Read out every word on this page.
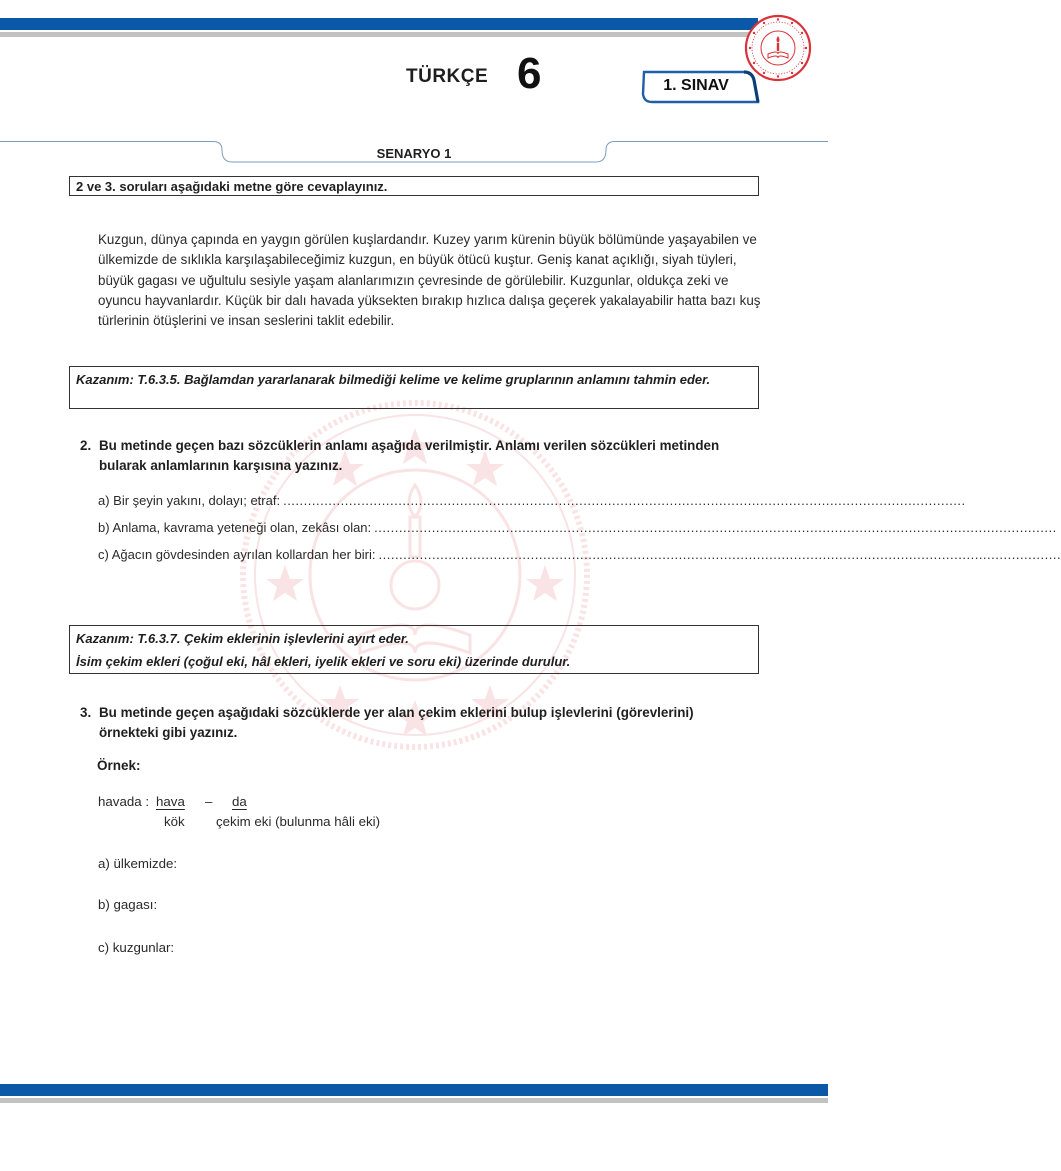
TÜRKÇE 6	1. SINAV
SENARYO 1
2 ve 3. soruları aşağıdaki metne göre cevaplayınız.
Kuzgun, dünya çapında en yaygın görülen kuşlardandır. Kuzey yarım kürenin büyük bölümünde yaşayabilen ve ülkemizde de sıklıkla karşılaşabileceğimiz kuzgun, en büyük ötücü kuştur. Geniş kanat açıklığı, siyah tüyleri, büyük gagası ve uğultulu sesiyle yaşam alanlarımızın çevresinde de görülebilir. Kuzgunlar, oldukça zeki ve oyuncu hayvanlardır. Küçük bir dalı havada yüksekten bırakıp hızlıca dalışa geçerek yakalayabilir hatta bazı kuş türlerinin ötüşlerini ve insan seslerini taklit edebilir.
Kazanım: T.6.3.5. Bağlamdan yararlanarak bilmediği kelime ve kelime gruplarının anlamını tahmin eder.
2. Bu metinde geçen bazı sözcüklerin anlamı aşağıda verilmiştir. Anlamı verilen sözcükleri metinden bularak anlamlarının karşısına yazınız.
a) Bir şeyin yakını, dolayı; etraf: ......................................................................................................................................................................
b) Anlama, kavrama yeteneği olan, zekâsı olan: ......................................................................................................................................................................
c) Ağacın gövdesinden ayrılan kollardan her biri: ......................................................................................................................................................................
Kazanım: T.6.3.7. Çekim eklerinin işlevlerini ayırt eder.
İsim çekim ekleri (çoğul eki, hâl ekleri, iyelik ekleri ve soru eki) üzerinde durulur.
3. Bu metinde geçen aşağıdaki sözcüklerde yer alan çekim eklerini bulup işlevlerini (görevlerini) örnekteki gibi yazınız.
Örnek:
havada : hava – da
kök çekim eki (bulunma hâli eki)
a) ülkemizde:
b) gagası:
c) kuzgunlar:
